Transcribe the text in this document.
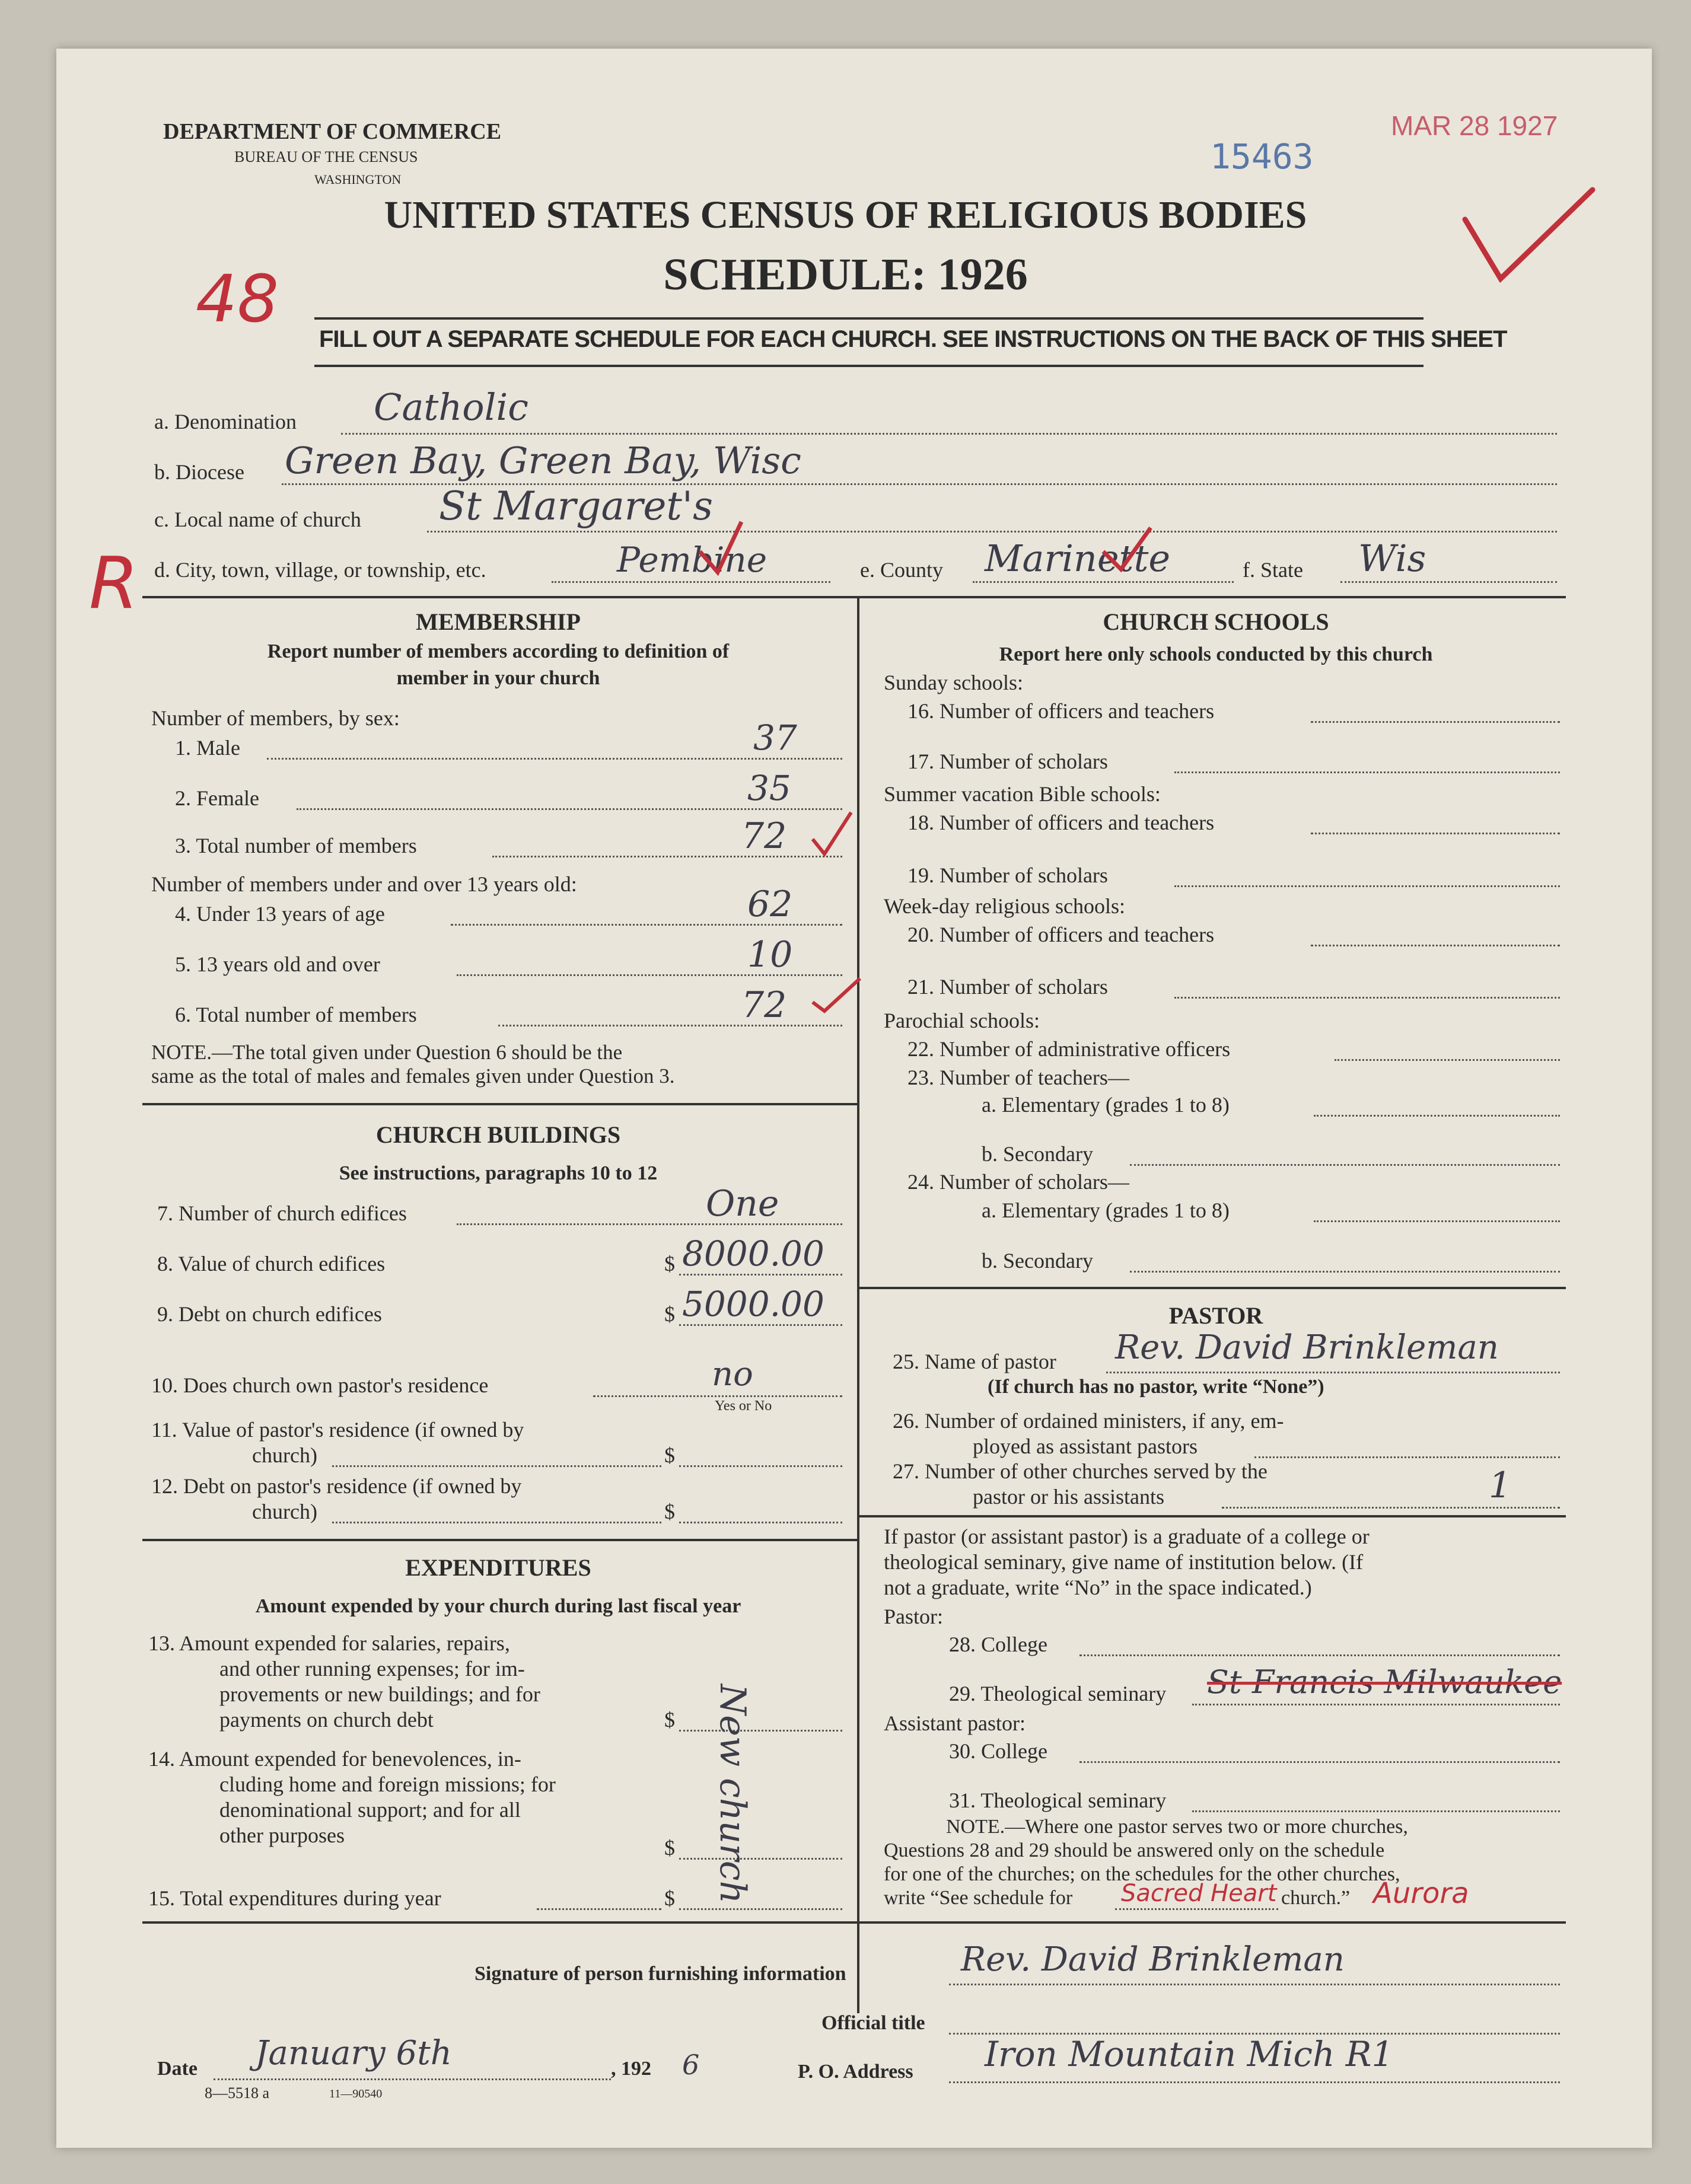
DEPARTMENT OF COMMERCE
BUREAU OF THE CENSUS
WASHINGTON
15463
MAR 28 1927
48
R
UNITED STATES CENSUS OF RELIGIOUS BODIES
SCHEDULE: 1926
FILL OUT A SEPARATE SCHEDULE FOR EACH CHURCH. SEE INSTRUCTIONS ON THE BACK OF THIS SHEET
a. Denomination Catholic
b. Diocese Green Bay, Green Bay, Wisc
c. Local name of church St Margaret's
d. City, town, village, or township, etc.	Pembine	e. County Marinette	f. State Wis
MEMBERSHIP
Report number of members according to definition of
member in your church
Number of members, by sex:
1. Male	37
2. Female	35
3. Total number of members	72
Number of members under and over 13 years old:
4. Under 13 years of age	62
5. 13 years old and over	10
6. Total number of members	72
NOTE.—The total given under Question 6 should be the
same as the total of males and females given under Question 3.
CHURCH BUILDINGS
See instructions, paragraphs 10 to 12
7. Number of church edifices	One
8. Value of church edifices	$ 8000.00
9. Debt on church edifices	$ 5000.00
10. Does church own pastor's residence	no
Yes or No
11. Value of pastor's residence (if owned by
church)	$
12. Debt on pastor's residence (if owned by
church)	$
EXPENDITURES
Amount expended by your church during last fiscal year
13. Amount expended for salaries, repairs,
and other running expenses; for im-
provements or new buildings; and for
payments on church debt	$
14. Amount expended for benevolences, in-
cluding home and foreign missions; for
denominational support; and for all
other purposes
$
15. Total expenditures during year	$ New church
CHURCH SCHOOLS
Report here only schools conducted by this church
Sunday schools:
16. Number of officers and teachers
17. Number of scholars
Summer vacation Bible schools:
18. Number of officers and teachers
19. Number of scholars
Week-day religious schools:
20. Number of officers and teachers
21. Number of scholars
Parochial schools:
22. Number of administrative officers
23. Number of teachers—
a. Elementary (grades 1 to 8)
b. Secondary
24. Number of scholars—
a. Elementary (grades 1 to 8)
b. Secondary
PASTOR
25. Name of pastor Rev. David Brinkleman
(If church has no pastor, write “None”)
26. Number of ordained ministers, if any, em-
ployed as assistant pastors
27. Number of other churches served by the
pastor or his assistants	1
If pastor (or assistant pastor) is a graduate of a college or
theological seminary, give name of institution below. (If
not a graduate, write “No” in the space indicated.)
Pastor:
28. College
29. Theological seminary St Francis Milwaukee
Assistant pastor:
30. College
31. Theological seminary
NOTE.—Where one pastor serves two or more churches,
Questions 28 and 29 should be answered only on the schedule
for one of the churches; on the schedules for the other churches,
write “See schedule for Sacred Heart church.” Aurora
Signature of person furnishing information	Rev. David Brinkleman
Official title
Date January 6th	, 192 6	P. O. Address Iron Mountain Mich R1
8—5518 a	11—90540
